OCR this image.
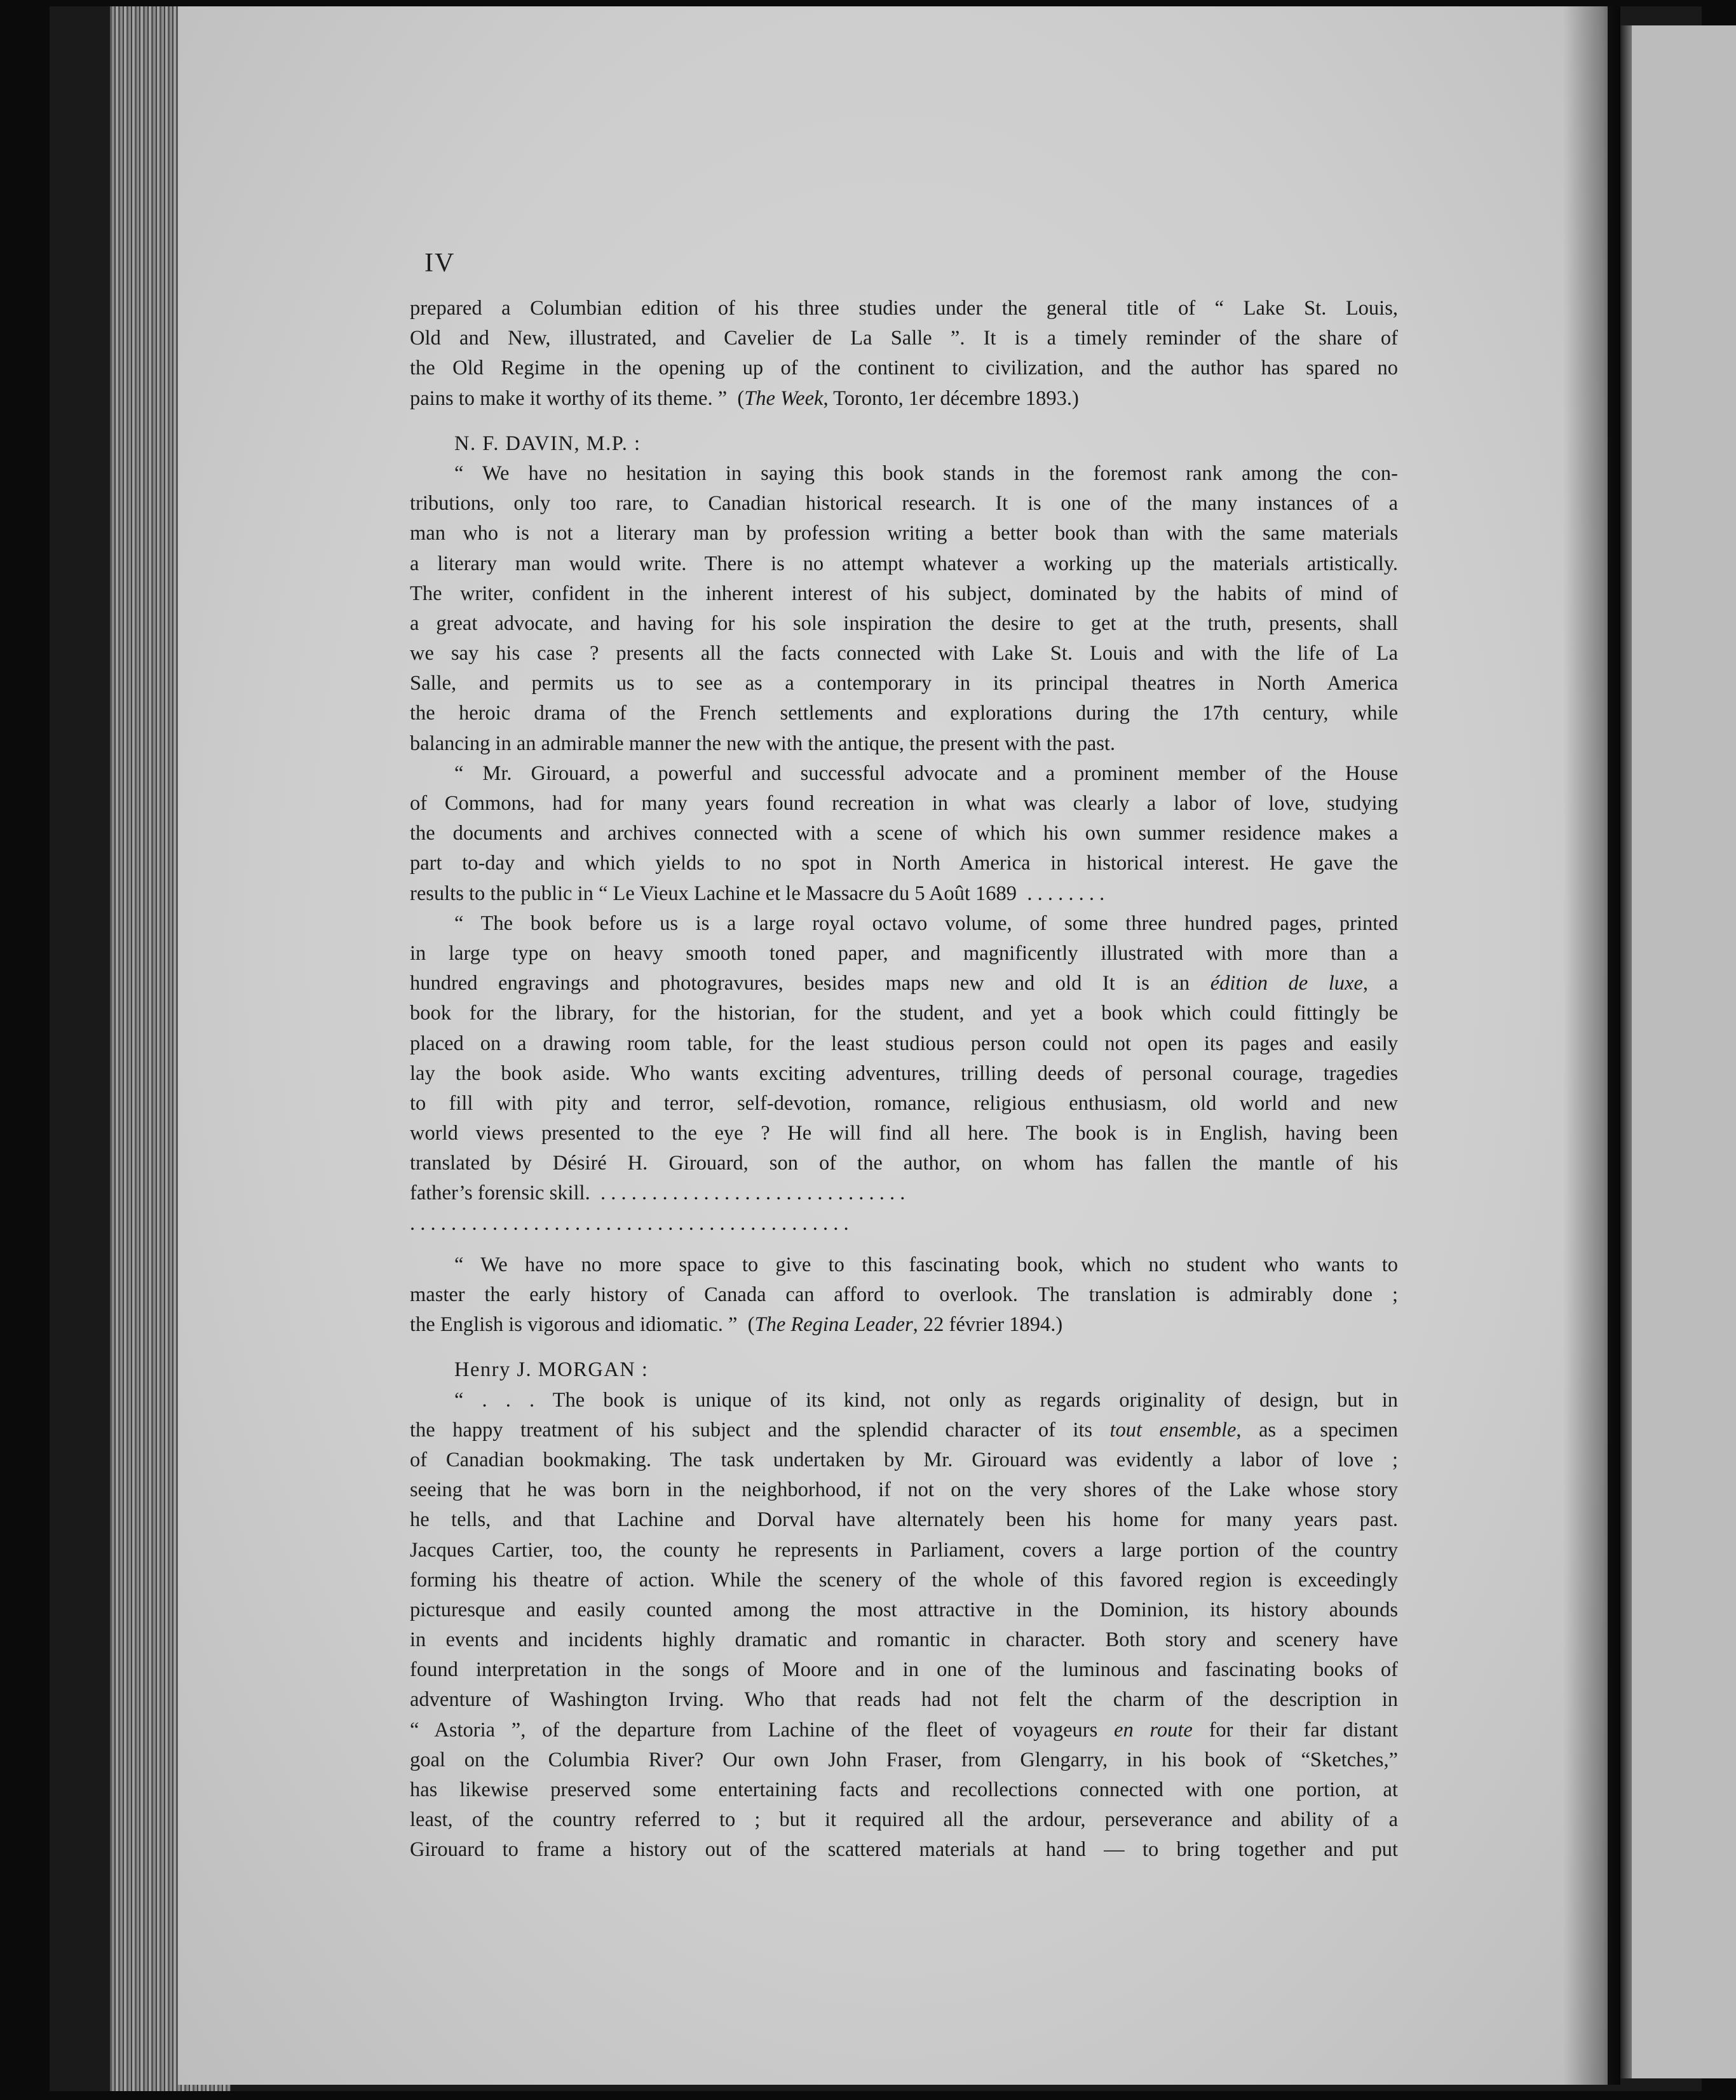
IV
prepared a Columbian edition of his three studies under the general title of “ Lake St. Louis,
Old and New, illustrated, and Cavelier de La Salle ”. It is a timely reminder of the share of
the Old Regime in the opening up of the continent to civilization, and the author has spared no
pains to make it worthy of its theme. ”  (The Week, Toronto, 1er décembre 1893.)
N. F. DAVIN, M.P. :
“ We have no hesitation in saying this book stands in the foremost rank among the con-
tributions, only too rare, to Canadian historical research. It is one of the many instances of a
man who is not a literary man by profession writing a better book than with the same materials
a literary man would write. There is no attempt whatever a working up the materials artistically.
The writer, confident in the inherent interest of his subject, dominated by the habits of mind of
a great advocate, and having for his sole inspiration the desire to get at the truth, presents, shall
we say his case ? presents all the facts connected with Lake St. Louis and with the life of La
Salle, and permits us to see as a contemporary in its principal theatres in North America
the heroic drama of the French settlements and explorations during the 17th century, while
balancing in an admirable manner the new with the antique, the present with the past.
“ Mr. Girouard, a powerful and successful advocate and a prominent member of the House
of Commons, had for many years found recreation in what was clearly a labor of love, studying
the documents and archives connected with a scene of which his own summer residence makes a
part to-day and which yields to no spot in North America in historical interest. He gave the
results to the public in “ Le Vieux Lachine et le Massacre du 5 Août 1689 . . . . . . . .
“ The book before us is a large royal octavo volume, of some three hundred pages, printed
in large type on heavy smooth toned paper, and magnificently illustrated with more than a
hundred engravings and photogravures, besides maps new and old It is an édition de luxe, a
book for the library, for the historian, for the student, and yet a book which could fittingly be
placed on a drawing room table, for the least studious person could not open its pages and easily
lay the book aside. Who wants exciting adventures, trilling deeds of personal courage, tragedies
to fill with pity and terror, self-devotion, romance, religious enthusiasm, old world and new
world views presented to the eye ? He will find all here. The book is in English, having been
translated by Désiré H. Girouard, son of the author, on whom has fallen the mantle of his
father’s forensic skill. . . . . . . . . . . . . . . . . . . . . . . . . . . . . . .
. . . . . . . . . . . . . . . . . . . . . . . . . . . . . . . . . . . . . . . . . . .
“ We have no more space to give to this fascinating book, which no student who wants to
master the early history of Canada can afford to overlook. The translation is admirably done ;
the English is vigorous and idiomatic. ”  (The Regina Leader, 22 février 1894.)
Henry J. MORGAN :
“ . . . The book is unique of its kind, not only as regards originality of design, but in
the happy treatment of his subject and the splendid character of its tout ensemble, as a specimen
of Canadian bookmaking. The task undertaken by Mr. Girouard was evidently a labor of love ;
seeing that he was born in the neighborhood, if not on the very shores of the Lake whose story
he tells, and that Lachine and Dorval have alternately been his home for many years past.
Jacques Cartier, too, the county he represents in Parliament, covers a large portion of the country
forming his theatre of action. While the scenery of the whole of this favored region is exceedingly
picturesque and easily counted among the most attractive in the Dominion, its history abounds
in events and incidents highly dramatic and romantic in character. Both story and scenery have
found interpretation in the songs of Moore and in one of the luminous and fascinating books of
adventure of Washington Irving. Who that reads had not felt the charm of the description in
“ Astoria ”, of the departure from Lachine of the fleet of voyageurs en route for their far distant
goal on the Columbia River? Our own John Fraser, from Glengarry, in his book of “Sketches,”
has likewise preserved some entertaining facts and recollections connected with one portion, at
least, of the country referred to ; but it required all the ardour, perseverance and ability of a
Girouard to frame a history out of the scattered materials at hand — to bring together and put
